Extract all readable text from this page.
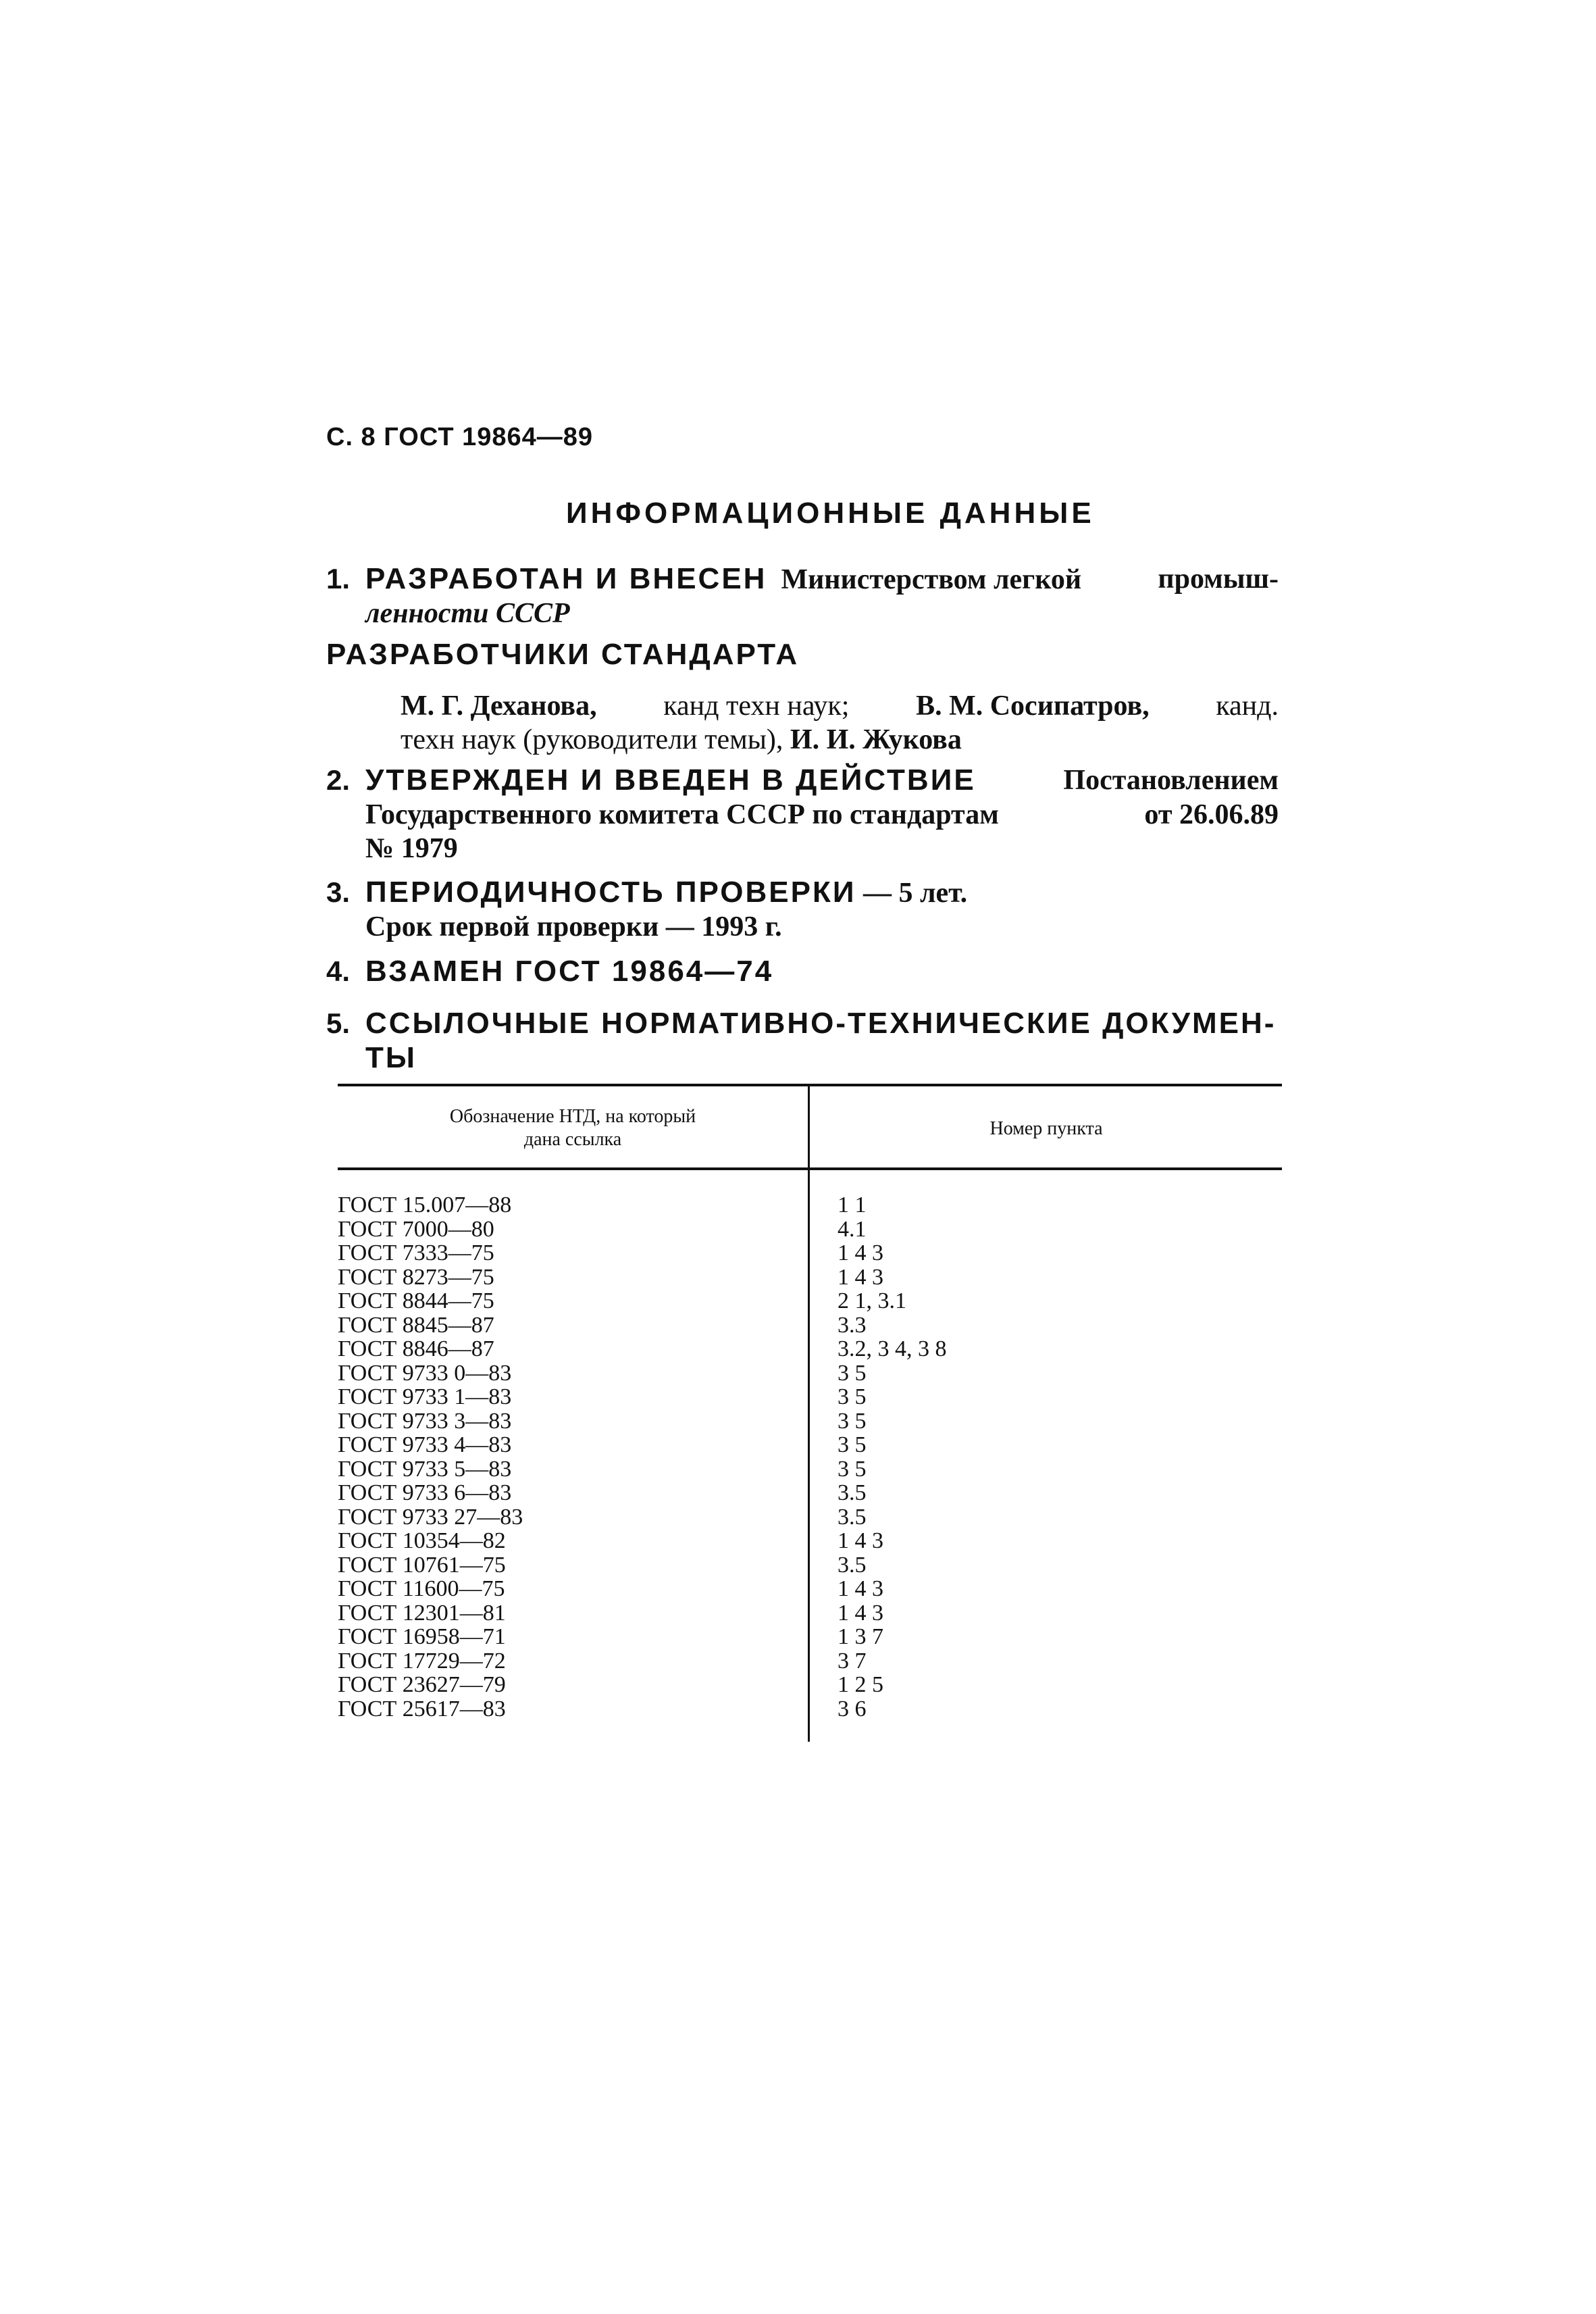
С. 8 ГОСТ 19864—89
ИНФОРМАЦИОННЫЕ ДАННЫЕ
1. РАЗРАБОТАН И ВНЕСЕН Министерством легкой	промыш-
ленности СССР
РАЗРАБОТЧИКИ СТАНДАРТА
М. Г. Деханова, канд техн наук; В. М. Сосипатров, канд.
техн наук (руководители темы), И. И. Жукова
2. УТВЕРЖДЕН И ВВЕДЕН В ДЕЙСТВИЕ	Постановлением
Государственного комитета СССР по стандартам	от 26.06.89
№ 1979
3. ПЕРИОДИЧНОСТЬ ПРОВЕРКИ — 5 лет.
Срок первой проверки — 1993 г.
4. ВЗАМЕН ГОСТ 19864—74
5. ССЫЛОЧНЫЕ НОРМАТИВНО-ТЕХНИЧЕСКИЕ ДОКУМЕН-
ТЫ
Обозначение НТД, на который
дана ссылка
Номер пункта
ГОСТ 15.007—88	1 1
ГОСТ 7000—80	4.1
ГОСТ 7333—75	1 4 3
ГОСТ 8273—75	1 4 3
ГОСТ 8844—75	2 1, 3.1
ГОСТ 8845—87	3.3
ГОСТ 8846—87	3.2, 3 4, 3 8
ГОСТ 9733 0—83	3 5
ГОСТ 9733 1—83	3 5
ГОСТ 9733 3—83	3 5
ГОСТ 9733 4—83	3 5
ГОСТ 9733 5—83	3 5
ГОСТ 9733 6—83	3.5
ГОСТ 9733 27—83	3.5
ГОСТ 10354—82	1 4 3
ГОСТ 10761—75	3.5
ГОСТ 11600—75	1 4 3
ГОСТ 12301—81	1 4 3
ГОСТ 16958—71	1 3 7
ГОСТ 17729—72	3 7
ГОСТ 23627—79	1 2 5
ГОСТ 25617—83	3 6
